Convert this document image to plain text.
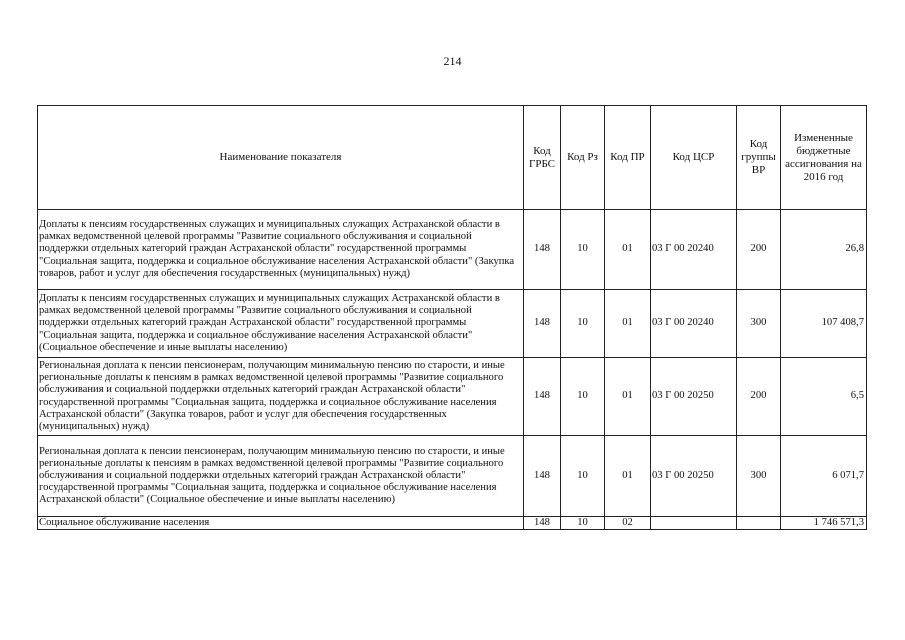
214
Наименование показателя	Код ГРБС	Код Рз	Код ПР	Код ЦСР	Код группы ВР	Измененные бюджетные ассигнования на 2016 год
Доплаты к пенсиям государственных служащих и муниципальных служащих Астраханской области в рамках ведомственной целевой программы "Развитие социального обслуживания и социальной поддержки отдельных категорий граждан Астраханской области" государственной программы "Социальная защита, поддержка и социальное обслуживание населения Астраханской области" (Закупка товаров, работ и услуг для обеспечения государственных (муниципальных) нужд)	148	10	01	03 Г 00 20240	200	26,8
Доплаты к пенсиям государственных служащих и муниципальных служащих Астраханской области в рамках ведомственной целевой программы "Развитие социального обслуживания и социальной поддержки отдельных категорий граждан Астраханской области" государственной программы "Социальная защита, поддержка и социальное обслуживание населения Астраханской области" (Социальное обеспечение и иные выплаты населению)	148	10	01	03 Г 00 20240	300	107 408,7
Региональная доплата к пенсии пенсионерам, получающим минимальную пенсию по старости, и иные региональные доплаты к пенсиям в рамках ведомственной целевой программы "Развитие социального обслуживания и социальной поддержки отдельных категорий граждан Астраханской области" государственной программы "Социальная защита, поддержка и социальное обслуживание населения Астраханской области" (Закупка товаров, работ и услуг для обеспечения государственных (муниципальных) нужд)	148	10	01	03 Г 00 20250	200	6,5
Региональная доплата к пенсии пенсионерам, получающим минимальную пенсию по старости, и иные региональные доплаты к пенсиям в рамках ведомственной целевой программы "Развитие социального обслуживания и социальной поддержки отдельных категорий граждан Астраханской области" государственной программы "Социальная защита, поддержка и социальное обслуживание населения Астраханской области" (Социальное обеспечение и иные выплаты населению)	148	10	01	03 Г 00 20250	300	6 071,7
Социальное обслуживание населения	148	10	02			1 746 571,3
